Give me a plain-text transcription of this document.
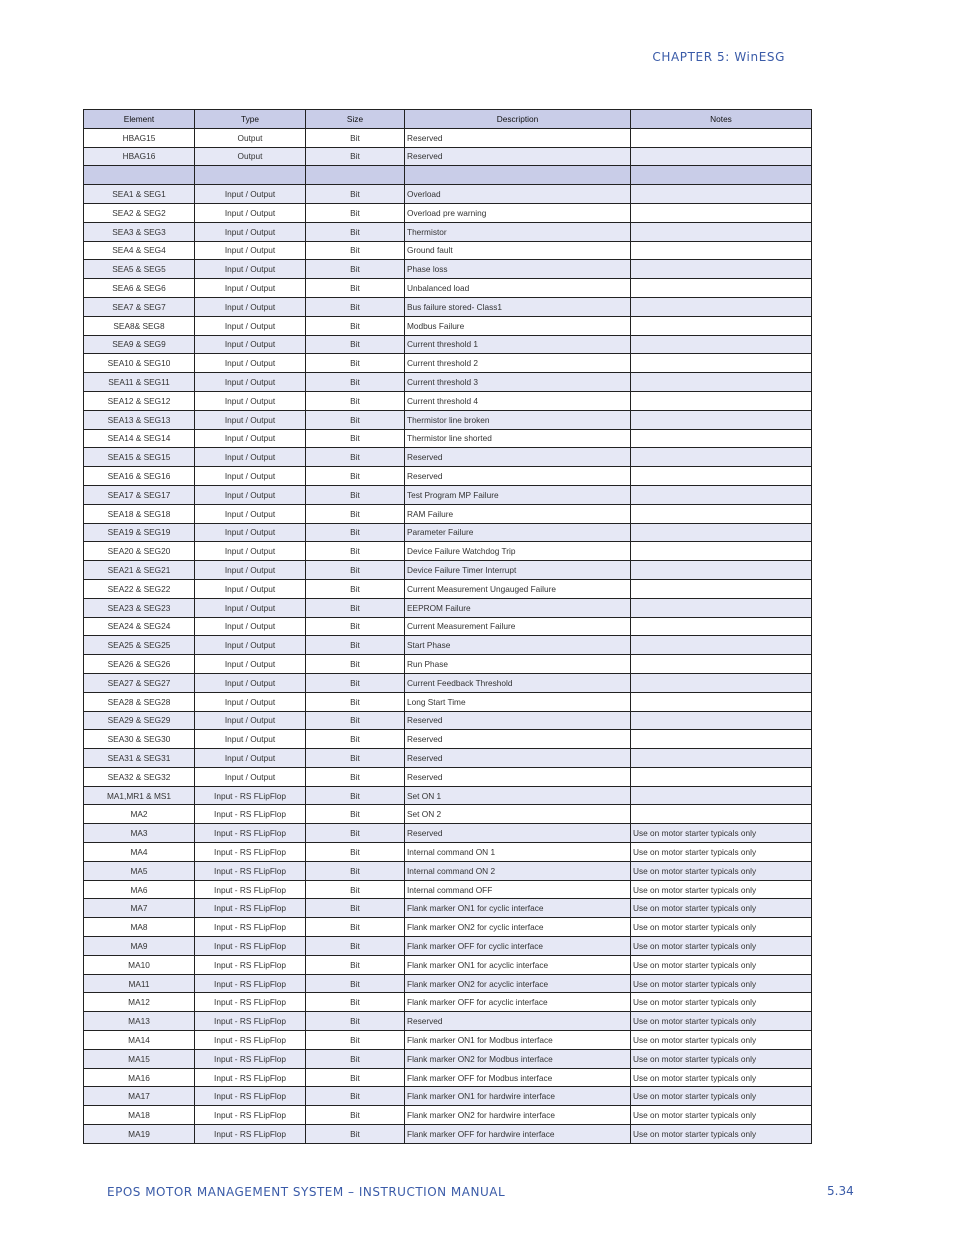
CHAPTER 5: WinESG
Element	Type	Size	Description	Notes
HBAG15	Output	Bit	Reserved	
HBAG16	Output	Bit	Reserved	

SEA1 & SEG1	Input / Output	Bit	Overload	
SEA2 & SEG2	Input / Output	Bit	Overload pre warning	
SEA3 & SEG3	Input / Output	Bit	Thermistor	
SEA4 & SEG4	Input / Output	Bit	Ground fault	
SEA5 & SEG5	Input / Output	Bit	Phase loss	
SEA6 & SEG6	Input / Output	Bit	Unbalanced load	
SEA7 & SEG7	Input / Output	Bit	Bus failure stored- Class1	
SEA8& SEG8	Input / Output	Bit	Modbus Failure	
SEA9 & SEG9	Input / Output	Bit	Current threshold 1	
SEA10 & SEG10	Input / Output	Bit	Current threshold 2	
SEA11 & SEG11	Input / Output	Bit	Current threshold 3	
SEA12 & SEG12	Input / Output	Bit	Current threshold 4	
SEA13 & SEG13	Input / Output	Bit	Thermistor line broken	
SEA14 & SEG14	Input / Output	Bit	Thermistor line shorted	
SEA15 & SEG15	Input / Output	Bit	Reserved	
SEA16 & SEG16	Input / Output	Bit	Reserved	
SEA17 & SEG17	Input / Output	Bit	Test Program MP Failure	
SEA18 & SEG18	Input / Output	Bit	RAM Failure	
SEA19 & SEG19	Input / Output	Bit	Parameter Failure	
SEA20 & SEG20	Input / Output	Bit	Device Failure Watchdog Trip	
SEA21 & SEG21	Input / Output	Bit	Device Failure Timer Interrupt	
SEA22 & SEG22	Input / Output	Bit	Current Measurement Ungauged Failure	
SEA23 & SEG23	Input / Output	Bit	EEPROM Failure	
SEA24 & SEG24	Input / Output	Bit	Current Measurement Failure	
SEA25 & SEG25	Input / Output	Bit	Start Phase	
SEA26 & SEG26	Input / Output	Bit	Run Phase	
SEA27 & SEG27	Input / Output	Bit	Current Feedback Threshold	
SEA28 & SEG28	Input / Output	Bit	Long Start Time	
SEA29 & SEG29	Input / Output	Bit	Reserved	
SEA30 & SEG30	Input / Output	Bit	Reserved	
SEA31 & SEG31	Input / Output	Bit	Reserved	
SEA32 & SEG32	Input / Output	Bit	Reserved	
MA1,MR1 & MS1	Input - RS FLipFlop	Bit	Set ON 1	
MA2	Input - RS FLipFlop	Bit	Set ON 2	
MA3	Input - RS FLipFlop	Bit	Reserved	Use on motor starter typicals only
MA4	Input - RS FLipFlop	Bit	Internal command ON 1	Use on motor starter typicals only
MA5	Input - RS FLipFlop	Bit	Internal command ON 2	Use on motor starter typicals only
MA6	Input - RS FLipFlop	Bit	Internal command OFF	Use on motor starter typicals only
MA7	Input - RS FLipFlop	Bit	Flank marker ON1 for cyclic interface	Use on motor starter typicals only
MA8	Input - RS FLipFlop	Bit	Flank marker ON2 for cyclic interface	Use on motor starter typicals only
MA9	Input - RS FLipFlop	Bit	Flank marker OFF for cyclic interface	Use on motor starter typicals only
MA10	Input - RS FLipFlop	Bit	Flank marker ON1 for acyclic interface	Use on motor starter typicals only
MA11	Input - RS FLipFlop	Bit	Flank marker ON2 for acyclic interface	Use on motor starter typicals only
MA12	Input - RS FLipFlop	Bit	Flank marker OFF for acyclic interface	Use on motor starter typicals only
MA13	Input - RS FLipFlop	Bit	Reserved	Use on motor starter typicals only
MA14	Input - RS FLipFlop	Bit	Flank marker ON1 for Modbus interface	Use on motor starter typicals only
MA15	Input - RS FLipFlop	Bit	Flank marker ON2 for Modbus interface	Use on motor starter typicals only
MA16	Input - RS FLipFlop	Bit	Flank marker OFF for Modbus interface	Use on motor starter typicals only
MA17	Input - RS FLipFlop	Bit	Flank marker ON1 for hardwire interface	Use on motor starter typicals only
MA18	Input - RS FLipFlop	Bit	Flank marker ON2 for hardwire interface	Use on motor starter typicals only
MA19	Input - RS FLipFlop	Bit	Flank marker OFF for hardwire interface	Use on motor starter typicals only
EPOS MOTOR MANAGEMENT SYSTEM – INSTRUCTION MANUAL	5.34
